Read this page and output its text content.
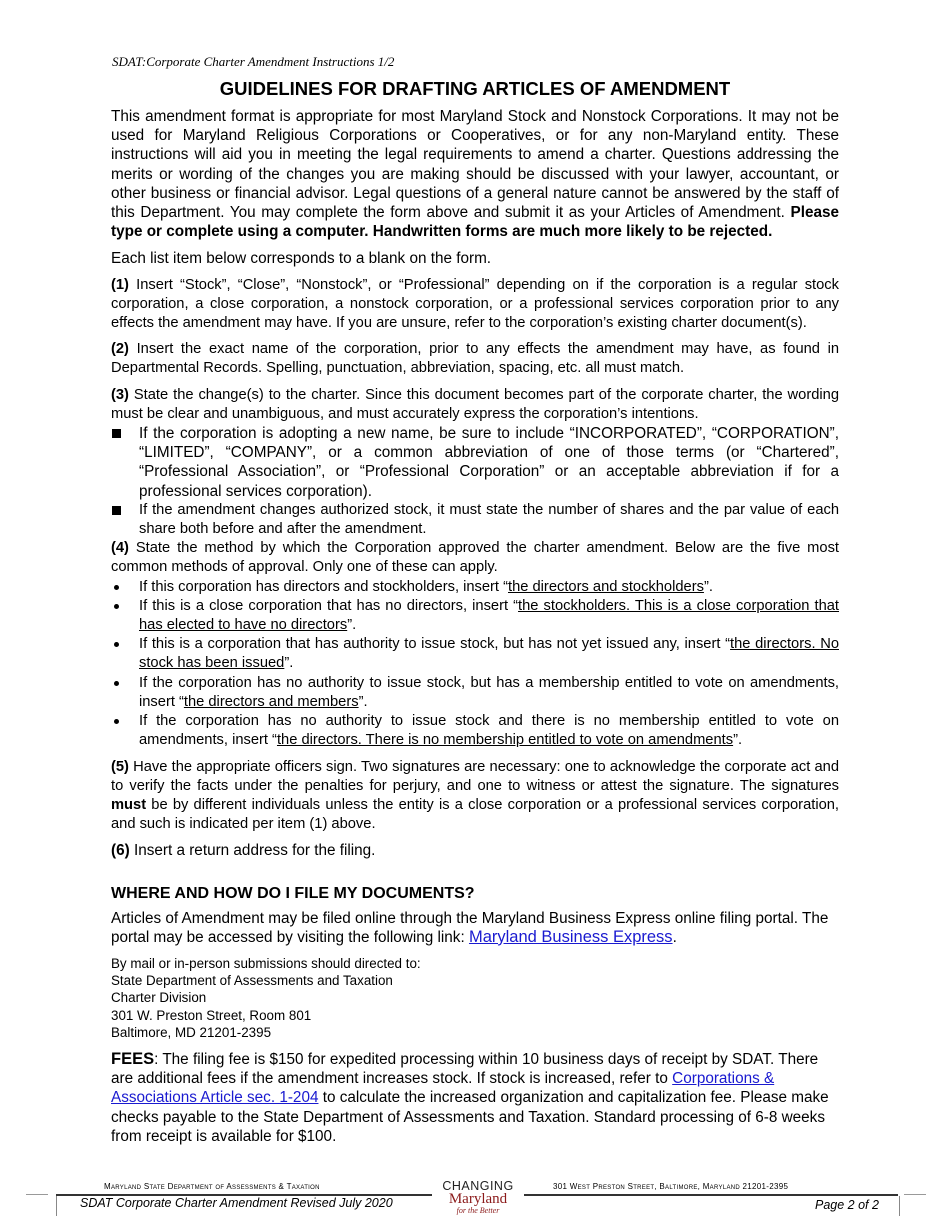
SDAT:Corporate Charter Amendment Instructions 1/2
GUIDELINES FOR DRAFTING ARTICLES OF AMENDMENT

This amendment format is appropriate for most Maryland Stock and Nonstock Corporations. It may not be used for Maryland Religious Corporations or Cooperatives, or for any non-Maryland entity. These instructions will aid you in meeting the legal requirements to amend a charter. Questions addressing the merits or wording of the changes you are making should be discussed with your lawyer, accountant, or other business or financial advisor. Legal questions of a general nature cannot be answered by the staff of this Department. You may complete the form above and submit it as your Articles of Amendment. Please type or complete using a computer. Handwritten forms are much more likely to be rejected.

Each list item below corresponds to a blank on the form.

(1) Insert “Stock”, “Close”, “Nonstock”, or “Professional” depending on if the corporation is a regular stock corporation, a close corporation, a nonstock corporation, or a professional services corporation prior to any effects the amendment may have. If you are unsure, refer to the corporation’s existing charter document(s).

(2) Insert the exact name of the corporation, prior to any effects the amendment may have, as found in Departmental Records. Spelling, punctuation, abbreviation, spacing, etc. all must match.

(3) State the change(s) to the charter. Since this document becomes part of the corporate charter, the wording must be clear and unambiguous, and must accurately express the corporation’s intentions.

If the corporation is adopting a new name, be sure to include “INCORPORATED”, “CORPORATION”, “LIMITED”, “COMPANY”, or a common abbreviation of one of those terms (or “Chartered”, “Professional Association”, or “Professional Corporation” or an acceptable abbreviation if for a professional services corporation).
If the amendment changes authorized stock, it must state the number of shares and the par value of each share both before and after the amendment.

(4) State the method by which the Corporation approved the charter amendment. Below are the five most common methods of approval. Only one of these can apply.

If this corporation has directors and stockholders, insert “the directors and stockholders”.
If this is a close corporation that has no directors, insert “the stockholders. This is a close corporation that has elected to have no directors”.
If this is a corporation that has authority to issue stock, but has not yet issued any, insert “the directors. No stock has been issued”.
If the corporation has no authority to issue stock, but has a membership entitled to vote on amendments, insert “the directors and members”.
If the corporation has no authority to issue stock and there is no membership entitled to vote on amendments, insert “the directors. There is no membership entitled to vote on amendments”.

(5) Have the appropriate officers sign. Two signatures are necessary: one to acknowledge the corporate act and to verify the facts under the penalties for perjury, and one to witness or attest the signature. The signatures must be by different individuals unless the entity is a close corporation or a professional services corporation, and such is indicated per item (1) above.

(6) Insert a return address for the filing.

WHERE AND HOW DO I FILE MY DOCUMENTS?

Articles of Amendment may be filed online through the Maryland Business Express online filing portal. The portal may be accessed by visiting the following link: Maryland Business Express.

By mail or in-person submissions should directed to:

State Department of Assessments and Taxation

Charter Division

301 W. Preston Street, Room 801

Baltimore, MD 21201-2395

FEES: The filing fee is $150 for expedited processing within 10 business days of receipt by SDAT. There are additional fees if the amendment increases stock. If stock is increased, refer to Corporations & Associations Article sec. 1-204 to calculate the increased organization and capitalization fee. Please make checks payable to the State Department of Assessments and Taxation. Standard processing of 6-8 weeks from receipt is available for $100.

Maryland State Department of Assessments & Taxation	301 West Preston Street, Baltimore, Maryland 21201-2395
SDAT Corporate Charter Amendment Revised July 2020	Page 2 of 2
CHANGING
Maryland
for the Better
